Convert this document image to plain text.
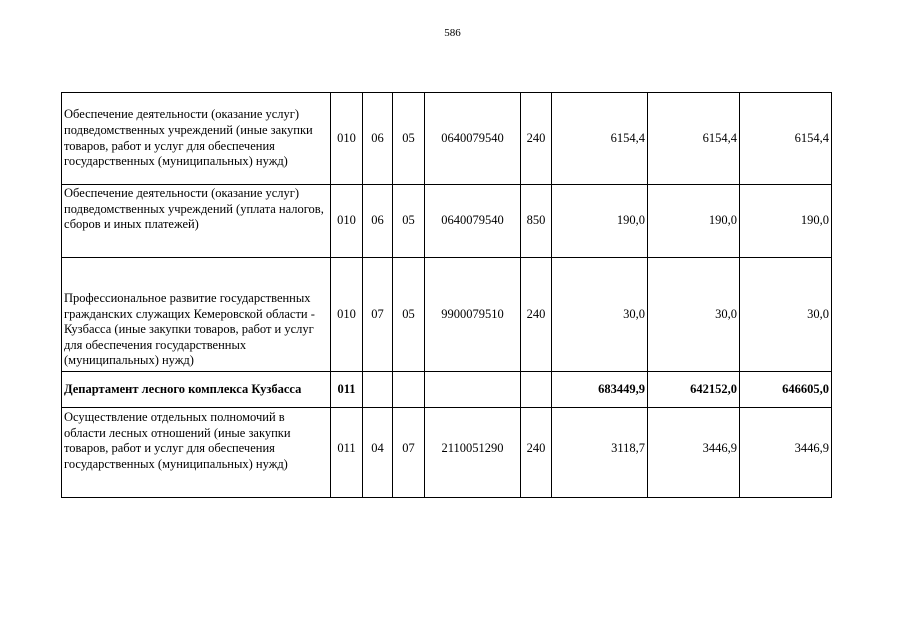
586
Обеспечение деятельности (оказание услуг) подведомственных учреждений (иные закупки товаров, работ и услуг для обеспечения государственных (муниципальных) нужд)	010	06	05	0640079540	240	6154,4	6154,4	6154,4
Обеспечение деятельности (оказание услуг) подведомственных учреждений (уплата налогов, сборов и иных платежей)	010	06	05	0640079540	850	190,0	190,0	190,0
Профессиональное развитие государственных гражданских служащих Кемеровской области - Кузбасса (иные закупки товаров, работ и услуг для обеспечения государственных (муниципальных) нужд)	010	07	05	9900079510	240	30,0	30,0	30,0
Департамент лесного комплекса Кузбасса	011					683449,9	642152,0	646605,0
Осуществление отдельных полномочий в области лесных отношений (иные закупки товаров, работ и услуг для обеспечения государственных (муниципальных) нужд)	011	04	07	2110051290	240	3118,7	3446,9	3446,9
